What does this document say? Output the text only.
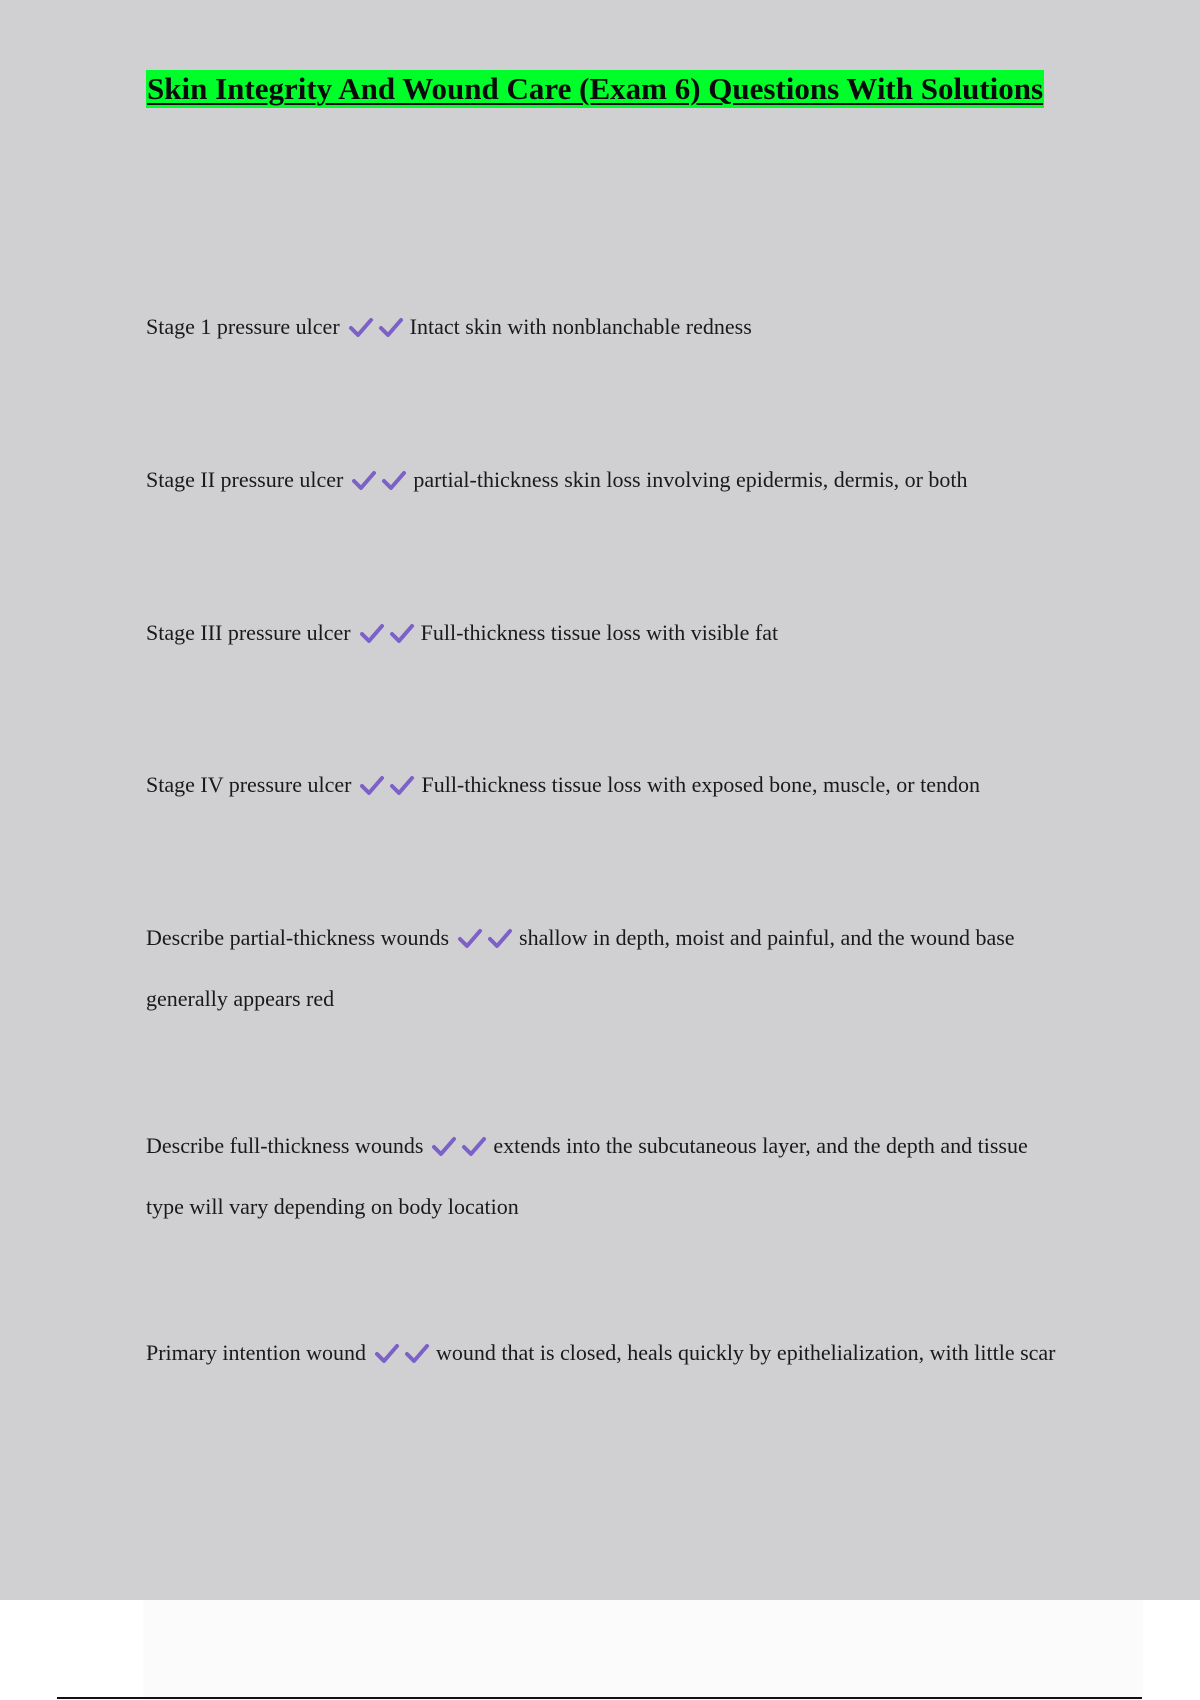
Skin Integrity And Wound Care (Exam 6) Questions With Solutions

Stage 1 pressure ulcer	Intact skin with nonblanchable redness

Stage II pressure ulcer	partial-thickness skin loss involving epidermis, dermis, or both

Stage III pressure ulcer	Full-thickness tissue loss with visible fat

Stage IV pressure ulcer	Full-thickness tissue loss with exposed bone, muscle, or tendon

Describe partial-thickness wounds	shallow in depth, moist and painful, and the wound base generally appears red

Describe full-thickness wounds	extends into the subcutaneous layer, and the depth and tissue type will vary depending on body location

Primary intention wound	wound that is closed, heals quickly by epithelialization, with little scar
